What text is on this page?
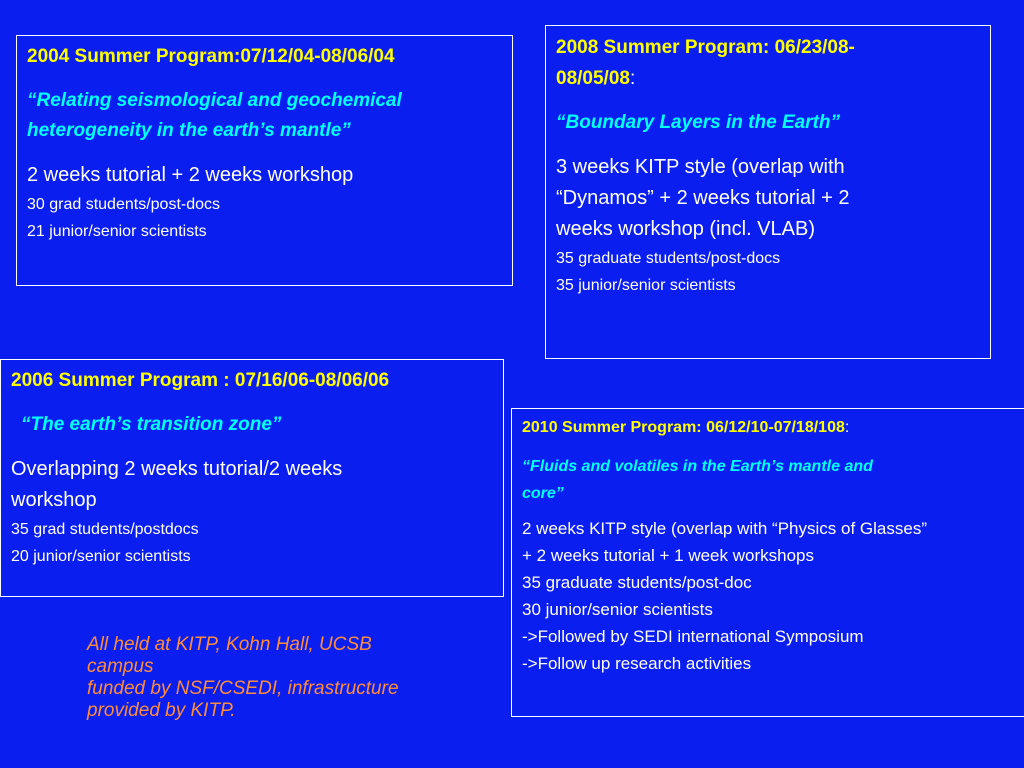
2004 Summer Program:07/12/04-08/06/04
“Relating seismological and geochemical
heterogeneity in the earth’s mantle”
2 weeks tutorial + 2 weeks workshop
30 grad students/post-docs
21 junior/senior scientists
2008 Summer Program: 06/23/08-
08/05/08:
“Boundary Layers in the Earth”
3 weeks KITP style (overlap with
“Dynamos” + 2 weeks tutorial + 2
weeks workshop (incl. VLAB)
35 graduate students/post-docs
35 junior/senior scientists
2006 Summer Program : 07/16/06-08/06/06
“The earth’s transition zone”
Overlapping 2 weeks tutorial/2 weeks
workshop
35 grad students/postdocs
20 junior/senior scientists
2010 Summer Program: 06/12/10-07/18/108:
“Fluids and volatiles in the Earth’s mantle and
core”
2 weeks KITP style (overlap with “Physics of Glasses”
+ 2 weeks tutorial + 1 week workshops
35 graduate students/post-doc
30 junior/senior scientists
->Followed by SEDI international Symposium
->Follow up research activities
All held at KITP, Kohn Hall, UCSB
campus
funded by NSF/CSEDI, infrastructure
provided by KITP.
